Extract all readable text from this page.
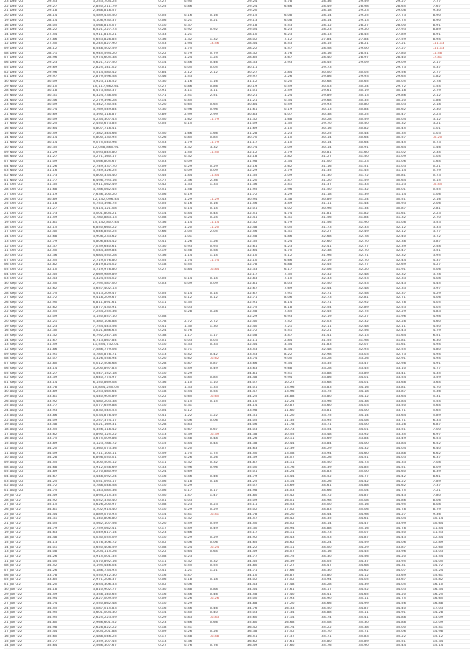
23 Dec '22	29.53	3,253,704.25	0.27	0.90		29.24	5.78	28.36	29.59	29.27	7.77
22 Dec '22	29.27	2,850,211.79	0.25	0.86		29.24	6.66	28.49	28.98	28.65	7.67
21 Dec '22	29.18	2,368,818.57				29.20		28.18	29.23	29.08	9.30
20 Dec '22	28.14	4,589,435.50	0.05	0.16	0.16	29.15	6.08	28.14	29.25	27.73	8.90
19 Dec '22	28.14	4,108,930.37	0.06	0.21	0.21	29.13	6.08	28.14	29.13	27.75	8.90
16 Dec '22	28.05	3,068,815.07	0.10	0.37		29.18	5.53	28.12	28.27	28.00	8.91
15 Dec '22	28.22	8,521,227.73	0.28	0.92	0.92	29.04	6.23	28.23	29.20	27.93	8.89
14 Dec '22	27.54	4,911,815.21	0.33	1.21		28.10	6.23	28.13	28.45	27.89	8.91
13 Dec '22	27.86	5,653,828.85	0.36	1.32	1.32	28.02	7.12	27.84	27.84	27.59	8.94
12 Dec '22	27.50	8,245,827.90	0.53	1.94	-3.56	28.44	8.53	28.15	28.21	27.21	-11.13
09 Dec '22	28.12	8,548,502.59	0.55	1.75		28.22	4.57	28.58	29.00	27.27	-11.13
08 Dec '22	28.71	6,945,594.20	0.22	0.79	0.79	28.32	3.76	28.16	28.51	27.80	-1.58
07 Dec '22	28.96	5,974,605.38	0.34	1.24	1.24	28.85	3.67	28.40	28.97	28.40	-7.81
06 Dec '22	29.23	5,621,727.50	0.14	0.46	0.46	28.33	2.93	28.45	29.09	29.09	2.17
05 Dec '22	29.69	2,825,141.02	0.01	0.05	0.05	30.11		29.73		29.73	5.37
02 Dec '22	29.96	5,514,580.42	0.84	2.12	2.12	30.27	2.84	30.00	30.05	29.56	2.77
01 Dec '22	29.97	2,879,596.58	0.46	1.53		29.97	2.26	29.86	29.93	29.65	1.82
30 Nov '22	30.09	3,923,118.52	0.30	1.16	1.16	31.12	0.20	30.68	30.65	30.05	2.78
29 Nov '22	30.10	10,117,662.61	0.27	0.86	0.86	30.19	0.59	30.03	30.24	29.72	1.54
28 Nov '22	30.18	8,473,580.37	0.91	3.11	3.11	31.01	2.59	29.61	30.19	30.18	2.79
25 Nov '22	30.31	8,324,738.06	0.71	2.51	2.51	30.21	1.24	29.89	30.13	29.86	2.12
24 Nov '22	30.46	2,279,396.28	0.14	0.45		31.21	0.34	29.68	30.35	30.20	1.86
23 Nov '22	30.09	5,342,730.54	0.20	0.65	0.65	30.84	0.59	29.93	30.80	30.03	2.18
22 Nov '22	30.74	3,769,549.84	0.30	0.96	0.96	31.61	0.19	30.13	30.84	30.62	2.30
21 Nov '22	30.69	3,390,118.87	0.89	2.99	2.99	30.83	4.07	30.38	30.25	30.47	2.23
18 Nov '22	30.09	4,234,307.43	0.50	1.62	-1.79	31.32	1.68	30.28	30.59	30.04	3.12
17 Nov '22	30.25	2,450,673.85	0.05	0.15		31.09	1.35	29.70	30.50	30.32	3.21
16 Nov '22	30.64	4,807,718.41				31.69	2.10	30.16	30.82	30.45	1.01
15 Nov '22	30.59	7,382,344.66	0.50	1.66	1.66	31.28	2.23	30.25	30.44	30.35	1.03
14 Nov '22	30.14	5,800,130.95	0.26	0.85	0.85	30.70	2.10	30.14	30.64	30.57	-0.20
11 Nov '22	30.14	9,075,040.96	0.53	1.79	-1.79	31.17	2.10	30.14	30.64	30.45	0.73
10 Nov '22	30.35	12,058,860.91	0.96	3.32	3.32	30.74	2.09	30.14	30.91	30.64	1.46
09 Nov '22	31.29	5,093,845.80	0.45	1.50	-1.50	32.12	2.79	30.81	31.60	31.02	2.34
08 Nov '22	31.27	3,271,160.17	0.10	0.32		32.18	2.82	31.27	31.50	31.09	1.04
07 Nov '22	31.09	4,066,805.67	0.03	0.09		31.98	2.34	31.00	31.23	31.06	1.64
04 Nov '22	31.26	2,749,337.70	0.09	0.29	0.29	32.16	2.62	31.16	31.51	31.03	0.21
03 Nov '22	31.16	3,749,326.25	0.03	0.09	0.09	32.29	2.79	31.35	31.45	31.14	0.79
02 Nov '22	31.73	4,800,334.40	0.45	1.44	-1.44	31.35	2.09	31.30	31.72	30.81	0.73
01 Nov '22	31.77	8,498,793.16	0.77	2.36	2.36	31.20	2.47	31.20	31.59	30.64	0.15
31 Oct '22	31.35	3,911,062.49	0.42	1.33	1.33	31.36	2.41	31.37	31.33	31.23	-0.45
28 Oct '22	31.68	3,786,062.45	0.51	1.58		31.95	2.96	31.50	31.32	30.01	0.55
27 Oct '22	31.19	7,636,100.20	0.06	0.19		31.72	3.29	31.18	31.39	31.14	1.06
26 Oct '22	30.89	12,142,096.44	0.43	1.29	-1.29	30.94	3.38	30.89	31.24	30.51	2.16
25 Oct '22	31.18	5,753,398.75	0.05	0.16	0.16	31.56	3.49	31.11	31.44	30.93	2.06
24 Oct '22	31.27	5,414,121.08	0.05	0.14	0.14	32.01	4.02	30.96	31.34	30.87	2.81
21 Oct '22	31.73	3,001,804.21	0.14	0.44	0.44	32.51	4.74	31.81	31.82	31.61	2.23
20 Oct '22	31.59	3,780,883.13	0.08	0.24	0.24	32.41	4.31	31.56	31.84	31.32	2.70
19 Oct '22	31.81	15,142,807.44	0.36	1.14	-1.14	32.32	4.79	31.56	31.90	31.08	3.53
18 Oct '22	32.15	6,850,660.22	0.39	1.20	-1.20	32.48	5.05	31.73	32.33	32.12	3.33
17 Oct '22	32.40	4,646,850.25	0.66	2.05	2.05	32.56	4.31	32.27	32.49	32.12	3.77
14 Oct '22	32.68	3,908,233.62	0.33	1.01		32.58	4.86	32.68	32.78	32.40	3.72
13 Oct '22	32.79	4,806,844.42	0.41	1.26	1.26	32.35	5.24	32.60	32.70	32.38	3.87
12 Oct '22	32.37	7,039,640.61	0.30	0.93	0.93	32.61	4.23	32.41	32.77	32.39	2.58
11 Oct '22	32.50	5,044,389.84	0.19	0.58	0.58	32.64	4.70	32.38	32.70	32.47	3.51
10 Oct '22	32.36	4,684,550.28	0.36	1.14	1.14	32.10	5.12	31.96	32.71	32.32	3.95
07 Oct '22	32.55	2,719,076.80	0.55	1.74	-1.74	32.10	6.66	32.19	32.70	32.44	4.37
06 Oct '22	32.82	2,819,824.02	0.18	0.55		32.78	6.88	32.45	32.77	32.69	4.27
05 Oct '22	32.10	3,719,978.80	0.27	0.84	-0.84	32.33	6.17	32.06	32.20	31.91	5.06
04 Oct '22	32.45	2,669,989.89				32.17	7.35	32.32	32.48	32.32	3.78
03 Oct '22	32.43	3,324,554.02	0.05	0.14	0.14	32.83	7.10	32.33	32.53	32.33	4.08
30 Sep '22	32.50	2,795,587.00	0.03	0.09	0.09	32.81	8.03	32.50	32.53	32.43	4.45
29 Sep '22	32.62	3,657,402.13				32.67	7.69	32.44	32.48	32.33	3.97
28 Sep '22	32.75	4,513,209.47	0.05	0.14	0.14	32.67	7.91	32.71	32.58	32.37	4.29
27 Sep '22	32.72	9,418,209.67	0.04	0.12	0.12	32.71	8.06	32.73	32.81	32.71	4.06
26 Sep '22	32.90	6,811,891.61	0.11	0.35		32.91	8.14	32.71	32.92	32.78	4.05
23 Sep '22	32.62	3,877,430.91	0.01	0.03		32.75	8.18	32.54	32.89	32.53	4.05
22 Sep '22	32.55	7,254,255.36		0.28	0.28	32.58	7.45	32.45	32.75	32.29	4.83
21 Sep '22	32.09	3,150,857.10	0.08			32.29	6.93	32.19	32.27	31.96	4.98
20 Sep '22	32.21	5,380,108.88	0.78	2.72	2.72	32.40	7.52	32.03	32.32	32.28	4.60
19 Sep '22	32.23	7,754,443.56	0.41	1.30	1.30	32.40	7.21	32.11	32.48	32.11	4.50
16 Sep '22	32.30	3,021,886.63	0.24	0.76		32.72	5.51	32.21	32.56	32.43	4.79
15 Sep '22	31.32	8,792,247.18	0.38	1.17	1.17	32.08	3.47	31.41	32.13	31.64	6.51
14 Sep '22	31.67	6,713,867.84	0.01	0.03	0.03	32.11	2.84	31.55	31.98	31.81	6.30
13 Sep '22	31.59	11,554,732.01	0.10	0.33	0.33	32.44	3.34	31.83	32.07	31.61	4.94
12 Sep '22	31.86	7,586,779.06	0.23	0.71		33.53	8.34	32.48	32.93	32.55	4.80
09 Sep '22	31.91	3,785,878.71	0.13	0.42	0.42	33.53	8.22	32.98	33.03	32.73	4.94
08 Sep '22	32.07	3,326,558.94	0.20	0.62	-0.62	33.74	9.00	33.28	33.26	32.91	4.94
07 Sep '22	32.80	5,012,508.68	0.28	0.87	0.87	33.66	9.34	33.35	33.47	32.98	4.91
06 Sep '22	33.14	3,200,897.83	0.16	0.49	0.49	33.63	9.68	33.28	33.45	33.10	4.77
05 Sep '22	33.27	4,547,152.18	0.10	0.29		34.81	9.51	33.88	33.89	33.41	4.35
02 Sep '22	33.39	3,640,774.97	0.28	0.85	0.85	34.48	9.94	33.86	34.01	33.54	3.59
01 Sep '22	33.14	6,150,869.08	0.36	1.10	1.10	34.07	10.27	33.68	34.01	33.68	3.64
31 Aug '22	33.78	10,854,250.05	0.45	1.33	1.33	34.01	13.96	33.83	34.16	33.81	4.70
30 Aug '22	33.89	4,253,465.64	0.18	0.54	0.54	34.47	13.96	33.75	34.18	33.87	5.36
29 Aug '22	33.81	4,440,905.89	0.22	0.65	-0.65	34.25	14.88	33.80	34.12	33.64	5.31
26 Aug '22	33.92	4,480,203.38	0.05	0.15	0.15	34.10	12.24	33.96	34.38	33.84	5.54
25 Aug '22	33.77	3,077,659.88	0.10	0.31		34.14	10.87	33.60	34.03	33.50	5.64
24 Aug '22	33.93	3,830,545.53	0.04	0.12		33.98	11.60	33.81	34.00	33.71	5.65
23 Aug '22	33.86	4,034,878.49	0.41	1.22	1.22	34.31	11.20	33.75	34.14	33.64	5.89
22 Aug '22	34.09	3,257,374.17	0.02	0.06	0.06	34.05	11.35	33.95	34.08	33.71	6.33
19 Aug '22	33.48	4,021,169.31	0.28	0.83		34.06	11.78	33.71	34.00	33.28	6.87
18 Aug '22	33.55	4,356,118.42	0.23	0.67	0.67	34.03	10.73	33.54	34.01	33.51	7.00
17 Aug '22	33.62	3,890,125.22	0.13	0.39	-0.39	34.38	10.55	33.48	33.92	33.35	6.97
16 Aug '22	33.75	3,675,009.86	0.16	0.48	0.48	34.26	10.11	33.69	33.84	33.49	6.53
15 Aug '22	33.89	3,123,788.72	0.15	0.44	0.44	34.38	10.44	33.84	34.00	33.84	6.52
12 Aug '22	34.20	3,360,073.36	0.07	0.20		34.63	12.39	34.29	34.32	34.04	6.40
11 Aug '22	34.09	8,711,100.11	0.59	1.75	1.75	34.50	13.08	33.94	34.60	33.88	6.62
10 Aug '22	34.28	8,898,050.01	0.09	0.26	0.26	34.39	14.07	34.26	34.51	34.03	6.37
09 Aug '22	34.55	4,300,505.12	0.11	0.32	0.32	34.87	14.11	34.50	34.73	34.33	7.08
08 Aug '22	34.68	3,912,058.69	0.33	0.96	0.96	35.00	13.76	34.39	34.85	34.51	8.09
05 Aug '22	34.89	3,270,880.99	0.24	0.69		35.01	14.24	34.83	35.00	34.60	8.39
04 Aug '22	34.67	3,448,092.24	0.16	0.46	0.46	34.79	13.44	34.52	34.77	34.42	8.61
03 Aug '22	34.25	4,051,093.17	0.06	0.18	0.18	34.25	13.14	34.26	34.42	34.22	7.89
02 Aug '22	34.72	3,788,048.58	0.10	0.29		35.07	13.69	34.61	34.88	34.62	7.37
01 Aug '22	34.75	4,143,085.36	0.06	0.17	0.17	34.98	14.03	34.66	35.04	34.75	7.21
29 Jul '22	34.49	3,894,215.35	0.50	1.47	1.47	34.80	15.42	34.72	34.87	34.43	7.80
28 Jul '22	34.92	4,052,330.40	0.01	0.03		35.09	16.01	34.98	35.08	34.86	8.06
27 Jul '22	35.15	3,626,200.97	0.08	0.23	0.23	35.11	16.53	35.00	35.16	34.95	8.08
26 Jul '22	34.81	3,702,914.40	0.10	0.29	0.29	35.02	17.02	34.83	35.06	34.78	8.79
25 Jul '22	34.44	3,889,070.93	0.14	0.41	-0.41	34.78	16.20	34.44	34.98	34.27	9.36
22 Jul '22	34.31	4,140,806.80	0.11	0.32		34.57	16.42	34.35	34.61	34.04	10.14
21 Jul '22	34.05	3,562,107.56	0.20	0.59	0.59	34.50	16.02	34.14	34.47	33.99	10.64
20 Jul '22	34.79	2,759,062.41	0.17	0.49	0.49	35.30	16.94	34.88	35.16	34.78	11.44
19 Jul '22	34.63	3,049,617.14	0.23	0.66		35.17	16.11	34.73	35.07	34.50	11.53
18 Jul '22	34.48	4,030,055.09	0.10	0.29	0.29	34.92	16.43	34.53	34.87	34.43	12.44
15 Jul '22	34.13	3,478,306.72	0.02	0.06	0.06	34.65	16.62	34.24	34.59	34.06	12.89
14 Jul '22	34.01	3,650,408.59	0.08	0.24	-0.24	34.22	16.11	34.00	34.29	33.87	12.60
13 Jul '22	34.08	4,204,115.26	0.22	0.64	0.64	34.49	16.07	34.16	34.45	33.96	13.03
12 Jul '22	34.26	3,915,001.35	0.08	0.23		34.77	16.75	34.30	34.56	34.20	13.54
11 Jul '22	34.00	3,470,892.16	0.11	0.32	0.32	34.45	16.39	34.05	34.37	33.95	14.05
08 Jul '22	34.52	3,195,446.04	0.19	0.55	0.55	34.80	17.27	34.47	34.68	34.31	14.72
07 Jul '22	34.26	4,186,734.93	0.41	1.21	1.21	34.71	17.66	34.30	34.62	34.07	15.24
06 Jul '22	33.78	4,550,912.30	0.16	0.47		34.10	16.87	33.80	34.12	33.69	15.61
05 Jul '22	33.85	2,971,208.37	0.06	0.18	0.18	34.02	17.02	33.94	34.05	33.67	15.82
01 Jul '22	34.20	2,654,306.33	0.02	0.06		34.43	17.48	34.28	34.39	34.05	16.10
30 Jun '22	34.18	3,810,902.77	0.30	0.88	0.88	34.44	17.61	34.17	34.52	34.03	16.34
29 Jun '22	34.59	3,358,140.65	0.16	0.46	0.46	34.58	17.40	34.41	34.65	34.20	16.25
28 Jun '22	34.94	2,827,009.59	0.09	0.26	-0.26	35.00	17.93	34.90	35.11	34.75	16.65
27 Jun '22	34.74	2,550,862.48	0.10	0.29		34.88	17.20	34.66	34.99	34.56	16.88
24 Jun '22	34.55	3,087,015.83	0.16	0.46	0.46	34.76	16.33	34.50	34.87	34.40	17.03
23 Jun '22	34.95	3,601,004.30	0.14	0.40	0.40	35.03	17.34	34.88	35.11	34.91	14.28
22 Jun '22	34.95	2,625,223.59	0.29	0.83	-0.83	35.60	17.14	34.74	35.41	34.88	13.09
21 Jun '22	34.80	2,966,601.52	0.23	0.66	0.66	35.80	16.68	35.08	35.30	34.88	12.09
20 Jun '22	34.98	2,628,822.22	0.18	0.51		36.42	16.74	35.22	35.38	35.00	15.41
17 Jun '22	35.44	2,404,201.88	0.09	0.26	0.26	36.38	17.52	35.70	35.71	35.06	14.98
16 Jun '22	35.60	2,488,046.25	0.17	0.48	-0.48	36.51	17.37	35.71	35.83	35.22	15.12
15 Jun '22	35.77	2,359,107.45	0.13	0.36		36.62	17.61	35.80	35.89	35.51	15.34
14 Jun '22	35.64	2,566,307.67	0.27	0.76	0.76	36.49	17.60	35.76	35.90	35.44	15.14
